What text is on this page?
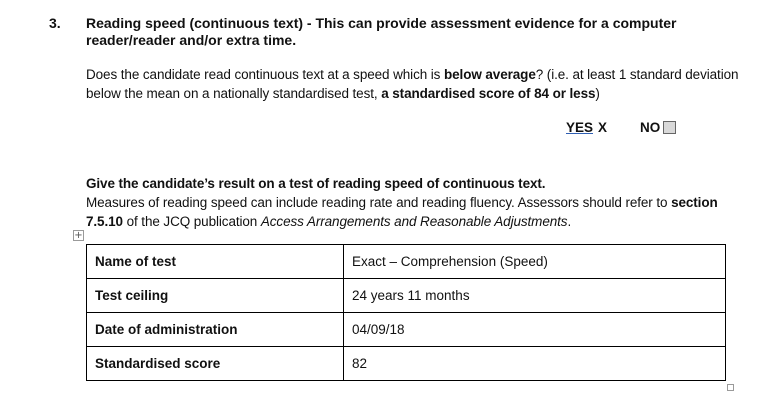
3. Reading speed (continuous text) - This can provide assessment evidence for a computer reader/reader and/or extra time.
Does the candidate read continuous text at a speed which is below average? (i.e. at least 1 standard deviation below the mean on a nationally standardised test, a standardised score of 84 or less)
YES X NO
Give the candidate’s result on a test of reading speed of continuous text.
Measures of reading speed can include reading rate and reading fluency. Assessors should refer to section 7.5.10 of the JCQ publication Access Arrangements and Reasonable Adjustments.
+
Name of test	Exact – Comprehension (Speed)
Test ceiling	24 years 11 months
Date of administration	04/09/18
Standardised score	82
